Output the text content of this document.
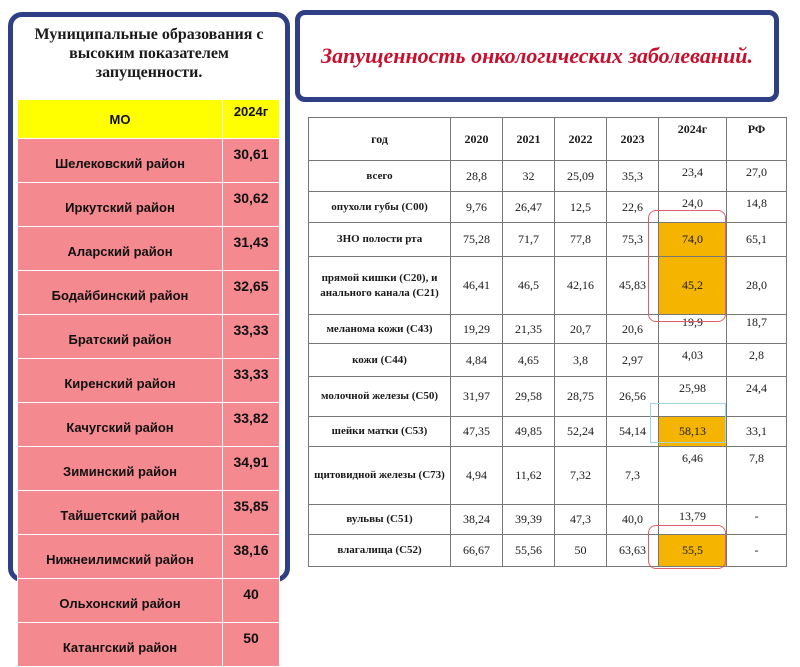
Муниципальные образования с
высоким показателем
запущенности.
МО	2024г
Шелековский район	30,61
Иркутский район	30,62
Аларский район	31,43
Бодайбинский район	32,65
Братский район	33,33
Киренский район	33,33
Качугский район	33,82
Зиминский район	34,91
Тайшетский район	35,85
Нижнеилимский район	38,16
Ольхонский район	40
Катангский район	50
Запущенность онкологических заболеваний.
год	2020	2021	2022	2023	2024г	РФ
всего	28,8	32	25,09	35,3	23,4	27,0
опухоли губы (С00)	9,76	26,47	12,5	22,6	24,0	14,8
ЗНО полости рта	75,28	71,7	77,8	75,3	74,0	65,1
прямой кишки (С20), и анального канала (С21)	46,41	46,5	42,16	45,83	45,2	28,0
меланома кожи (С43)	19,29	21,35	20,7	20,6	19,9	18,7
кожи (С44)	4,84	4,65	3,8	2,97	4,03	2,8
молочной железы (С50)	31,97	29,58	28,75	26,56	25,98	24,4
шейки матки (С53)	47,35	49,85	52,24	54,14	58,13	33,1
щитовидной железы (С73)	4,94	11,62	7,32	7,3	6,46	7,8
вульвы (С51)	38,24	39,39	47,3	40,0	13,79	-
влагалища (С52)	66,67	55,56	50	63,63	55,5	-
